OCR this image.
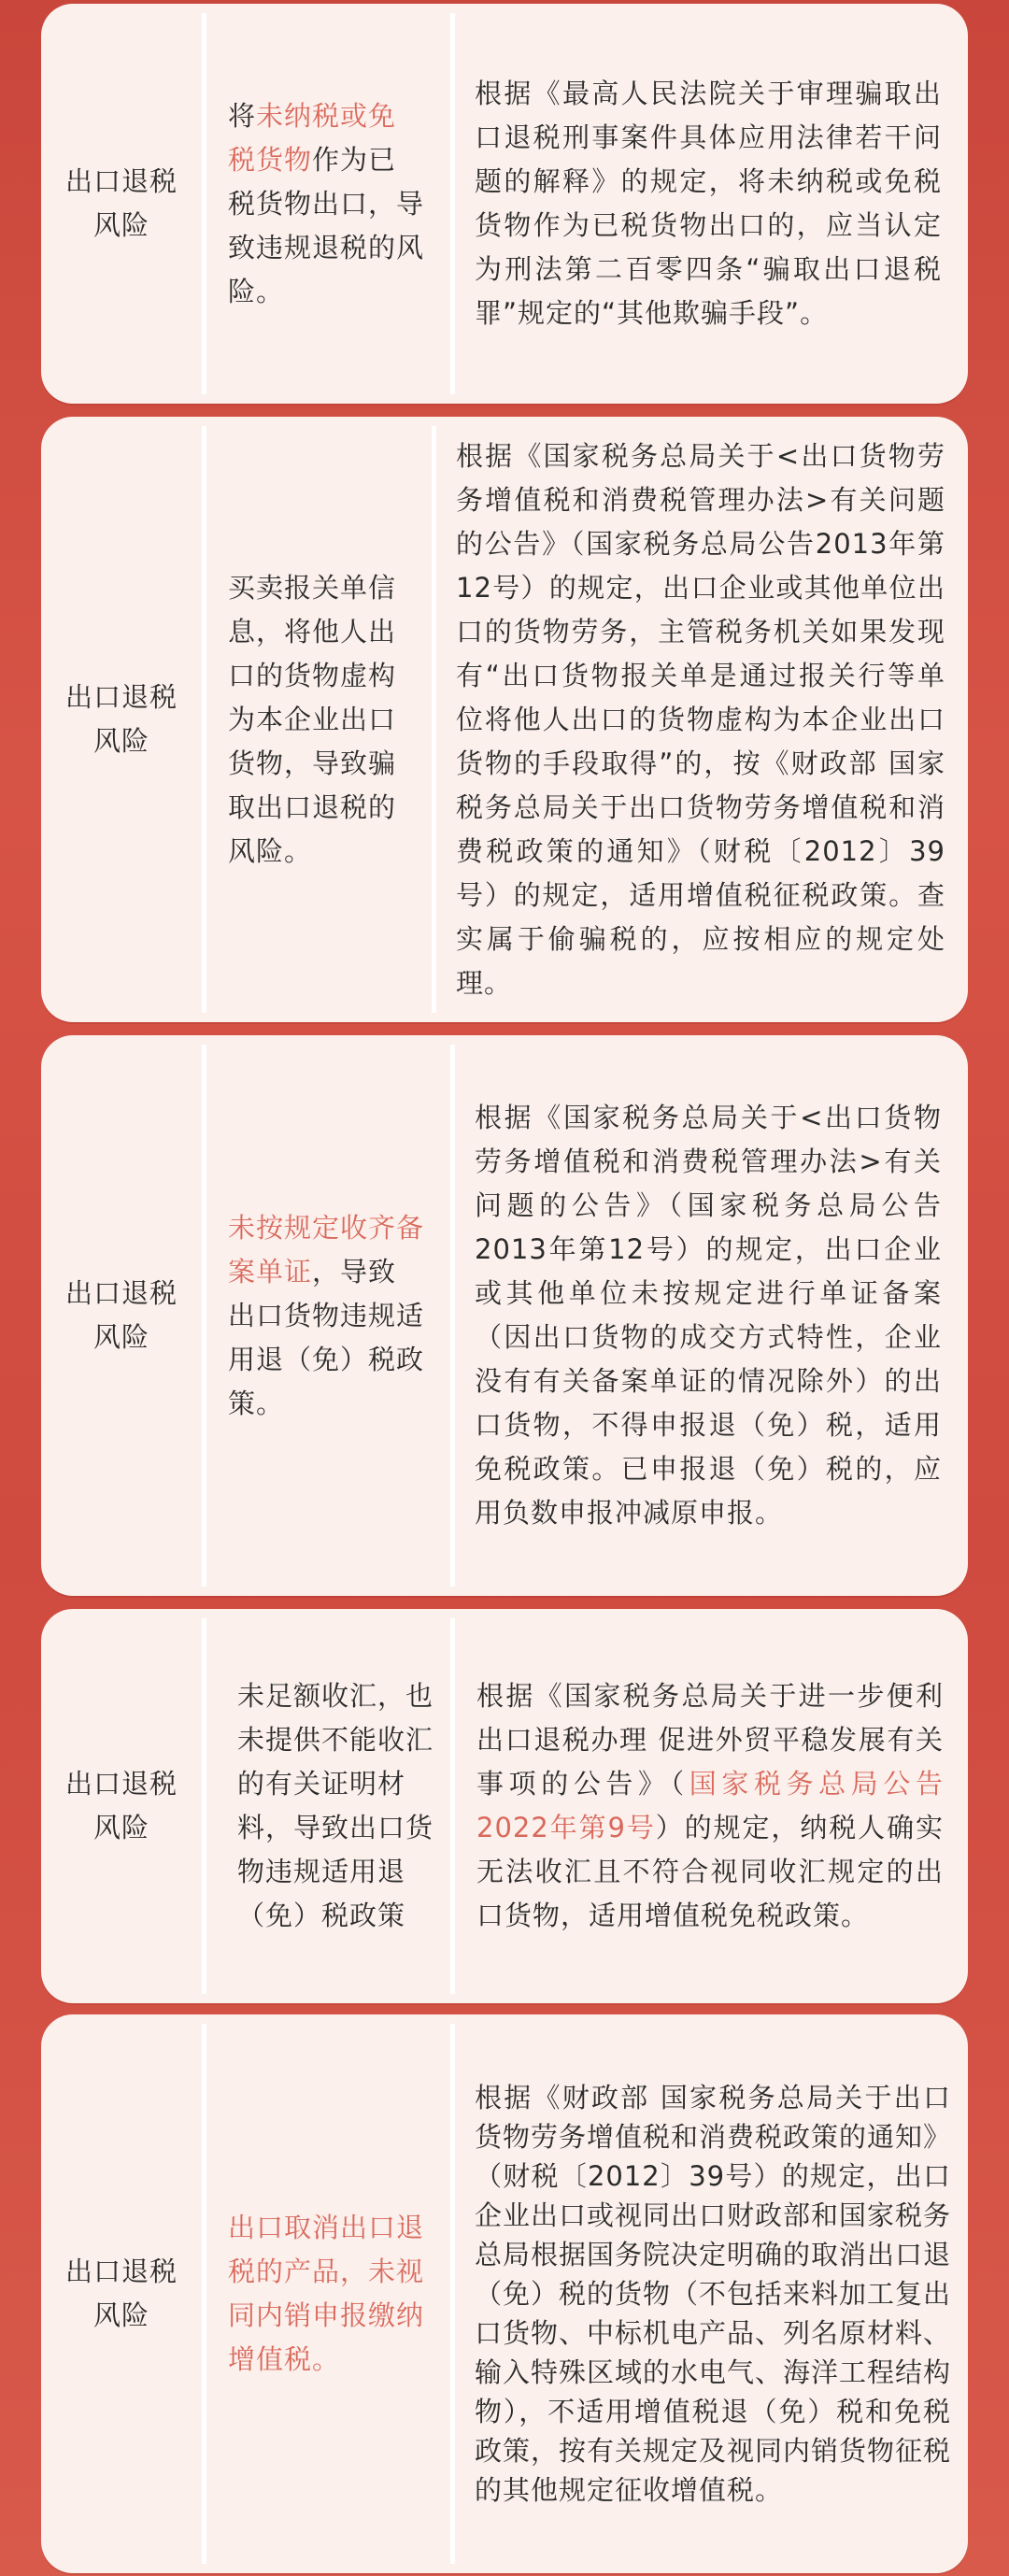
出口退税
风险
将未纳税或免税货物作为已税货物出口，导致违规退税的风险。
根据《最高人民法院关于审理骗取出口退税刑事案件具体应用法律若干问题的解释》的规定，将未纳税或免税货物作为已税货物出口的，应当认定为刑法第二百零四条“骗取出口退税罪”规定的“其他欺骗手段”。
出口退税
风险
买卖报关单信息，将他人出口的货物虚构为本企业出口货物，导致骗取出口退税的风险。
根据《国家税务总局关于<出口货物劳务增值税和消费税管理办法>有关问题的公告》（国家税务总局公告2013年第12号）的规定，出口企业或其他单位出口的货物劳务，主管税务机关如果发现有“出口货物报关单是通过报关行等单位将他人出口的货物虚构为本企业出口货物的手段取得”的，按《财政部 国家税务总局关于出口货物劳务增值税和消费税政策的通知》（财税〔2012〕39号）的规定，适用增值税征税政策。查实属于偷骗税的，应按相应的规定处理。
出口退税
风险
未按规定收齐备案单证，导致出口货物违规适用退（免）税政策。
根据《国家税务总局关于<出口货物劳务增值税和消费税管理办法>有关问题的公告》（国家税务总局公告2013年第12号）的规定，出口企业或其他单位未按规定进行单证备案（因出口货物的成交方式特性，企业没有有关备案单证的情况除外）的出口货物，不得申报退（免）税，适用免税政策。已申报退（免）税的，应用负数申报冲减原申报。
出口退税
风险
未足额收汇，也未提供不能收汇的有关证明材料，导致出口货物违规适用退（免）税政策
根据《国家税务总局关于进一步便利出口退税办理 促进外贸平稳发展有关事项的公告》（国家税务总局公告2022年第9号）的规定，纳税人确实无法收汇且不符合视同收汇规定的出口货物，适用增值税免税政策。
出口退税
风险
出口取消出口退税的产品，未视同内销申报缴纳增值税。
根据《财政部 国家税务总局关于出口货物劳务增值税和消费税政策的通知》（财税〔2012〕39号）的规定，出口企业出口或视同出口财政部和国家税务总局根据国务院决定明确的取消出口退（免）税的货物（不包括来料加工复出口货物、中标机电产品、列名原材料、输入特殊区域的水电气、海洋工程结构物），不适用增值税退（免）税和免税政策，按有关规定及视同内销货物征税的其他规定征收增值税。
